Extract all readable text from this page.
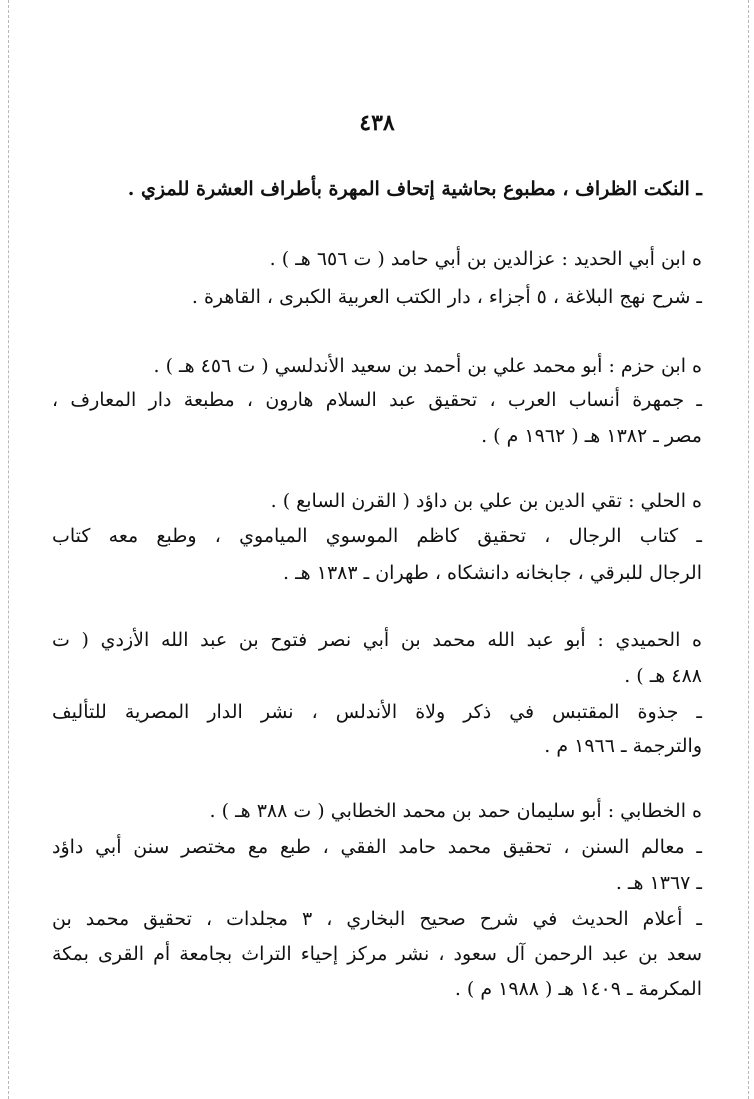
٤٣٨
ـ النكت الظراف ، مطبوع بحاشية إتحاف المهرة بأطراف العشرة للمزي .
ه ابن أبي الحديد : عزالدين بن أبي حامد ( ت ٦٥٦ هـ ) .
ـ شرح نهج البلاغة ، ٥ أجزاء ، دار الكتب العربية الكبرى ، القاهرة .
ه ابن حزم : أبو محمد علي بن أحمد بن سعيد الأندلسي ( ت ٤٥٦ هـ ) .
ـ جمهرة أنساب العرب ، تحقيق عبد السلام هارون ، مطبعة دار المعارف ،
مصر ـ ١٣٨٢ هـ ( ١٩٦٢ م ) .
ه الحلي : تقي الدين بن علي بن داؤد ( القرن السابع ) .
ـ كتاب الرجال ، تحقيق كاظم الموسوي المياموي ، وطبع معه كتاب
الرجال للبرقي ، جابخانه دانشكاه ، طهران ـ ١٣٨٣ هـ .
ه الحميدي : أبو عبد الله محمد بن أبي نصر فتوح بن عبد الله الأزدي ( ت
٤٨٨ هـ ) .
ـ جذوة المقتبس في ذكر ولاة الأندلس ، نشر الدار المصرية للتأليف
والترجمة ـ ١٩٦٦ م .
ه الخطابي : أبو سليمان حمد بن محمد الخطابي ( ت ٣٨٨ هـ ) .
ـ معالم السنن ، تحقيق محمد حامد الفقي ، طبع مع مختصر سنن أبي داؤد
ـ ١٣٦٧ هـ .
ـ أعلام الحديث في شرح صحيح البخاري ، ٣ مجلدات ، تحقيق محمد بن
سعد بن عبد الرحمن آل سعود ، نشر مركز إحياء التراث بجامعة أم القرى بمكة
المكرمة ـ ١٤٠٩ هـ ( ١٩٨٨ م ) .
